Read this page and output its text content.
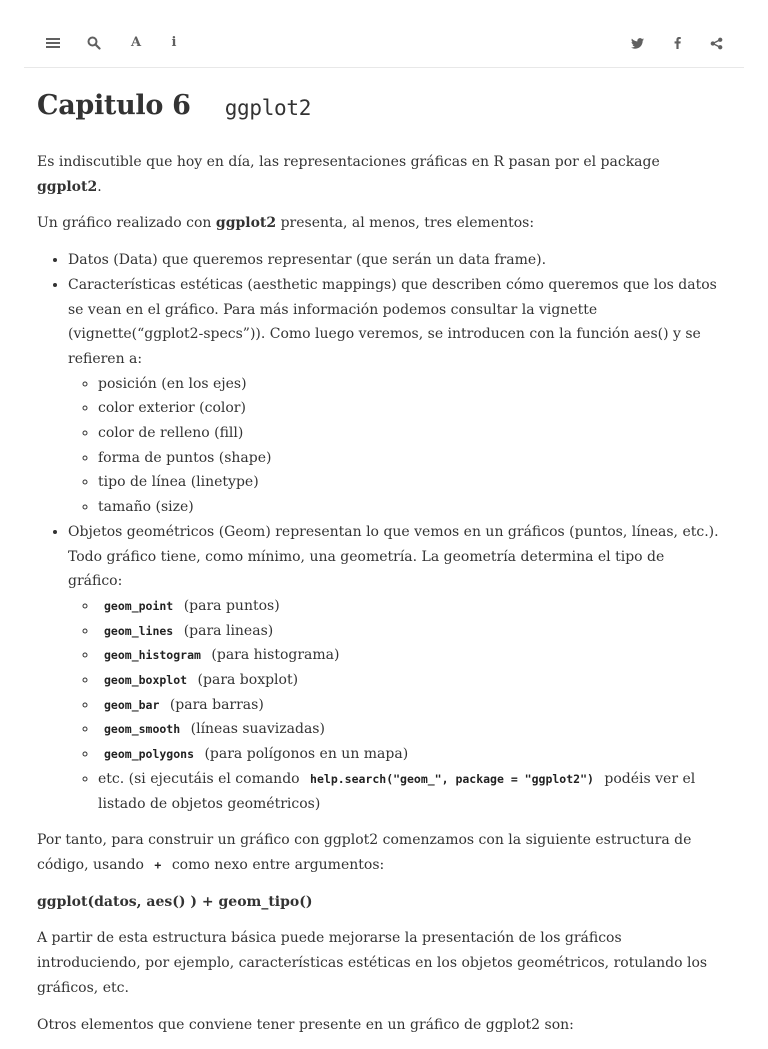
A i
Capitulo 6 ggplot2

Es indiscutible que hoy en día, las representaciones gráficas en R pasan por el package ggplot2.

Un gráfico realizado con ggplot2 presenta, al menos, tres elementos:

• Datos (Data) que queremos representar (que serán un data frame).
• Características estéticas (aesthetic mappings) que describen cómo queremos que los datos se vean en el gráfico. Para más información podemos consultar la vignette (vignette(“ggplot2-specs”)). Como luego veremos, se introducen con la función aes() y se refieren a:
◦ posición (en los ejes)
◦ color exterior (color)
◦ color de relleno (fill)
◦ forma de puntos (shape)
◦ tipo de línea (linetype)
◦ tamaño (size)
• Objetos geométricos (Geom) representan lo que vemos en un gráficos (puntos, líneas, etc.). Todo gráfico tiene, como mínimo, una geometría. La geometría determina el tipo de gráfico:
◦ geom_point (para puntos)
◦ geom_lines (para lineas)
◦ geom_histogram (para histograma)
◦ geom_boxplot (para boxplot)
◦ geom_bar (para barras)
◦ geom_smooth (líneas suavizadas)
◦ geom_polygons (para polígonos en un mapa)
◦ etc. (si ejecutáis el comando help.search("geom_", package = "ggplot2") podéis ver el listado de objetos geométricos)

Por tanto, para construir un gráfico con ggplot2 comenzamos con la siguiente estructura de código, usando + como nexo entre argumentos:

ggplot(datos, aes() ) + geom_tipo()

A partir de esta estructura básica puede mejorarse la presentación de los gráficos introduciendo, por ejemplo, características estéticas en los objetos geométricos, rotulando los gráficos, etc.

Otros elementos que conviene tener presente en un gráfico de ggplot2 son:
